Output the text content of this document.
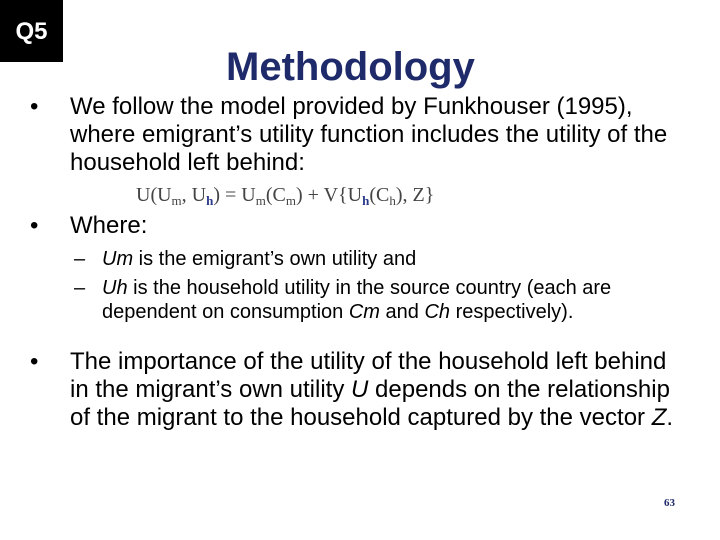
Q5
Methodology
• We follow the model provided by Funkhouser (1995), where emigrant’s utility function includes the utility of the household left behind:
$U(U_m$, $U_h) = U_m(C_m) + V\{U_h(C_h)$, Z}
• Where:
– Um is the emigrant’s own utility and
– Uh is the household utility in the source country (each are dependent on consumption Cm and Ch respectively).
• The importance of the utility of the household left behind in the migrant’s own utility U depends on the relationship of the migrant to the household captured by the vector Z.
63
